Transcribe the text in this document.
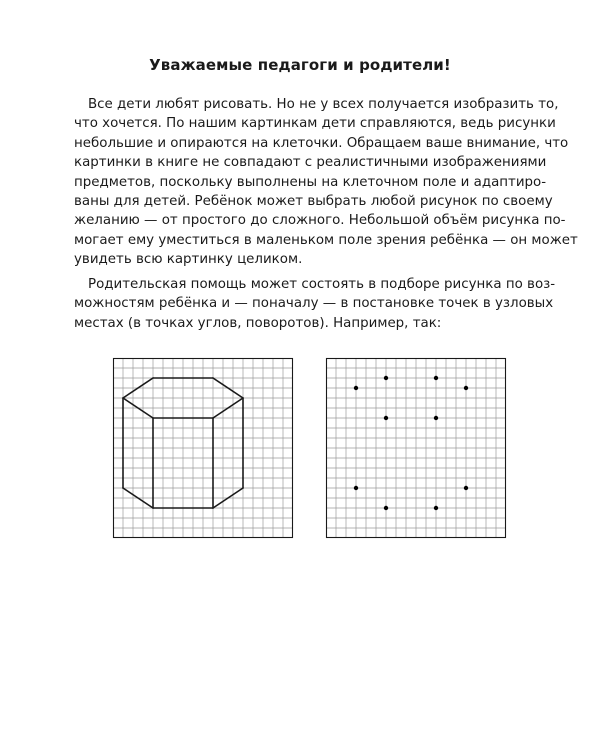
Уважаемые педагоги и родители!
Все дети любят рисовать. Но не у всех получается изобразить то,
что хочется. По нашим картинкам дети справляются, ведь рисунки
небольшие и опираются на клеточки. Обращаем ваше внимание, что
картинки в книге не совпадают с реалистичными изображениями
предметов, поскольку выполнены на клеточном поле и адаптиро-
ваны для детей. Ребёнок может выбрать любой рисунок по своему
желанию — от простого до сложного. Небольшой объём рисунка по-
могает ему уместиться в маленьком поле зрения ребёнка — он может
увидеть всю картинку целиком.
Родительская помощь может состоять в подборе рисунка по воз-
можностям ребёнка и — поначалу — в постановке точек в узловых
местах (в точках углов, поворотов). Например, так:
